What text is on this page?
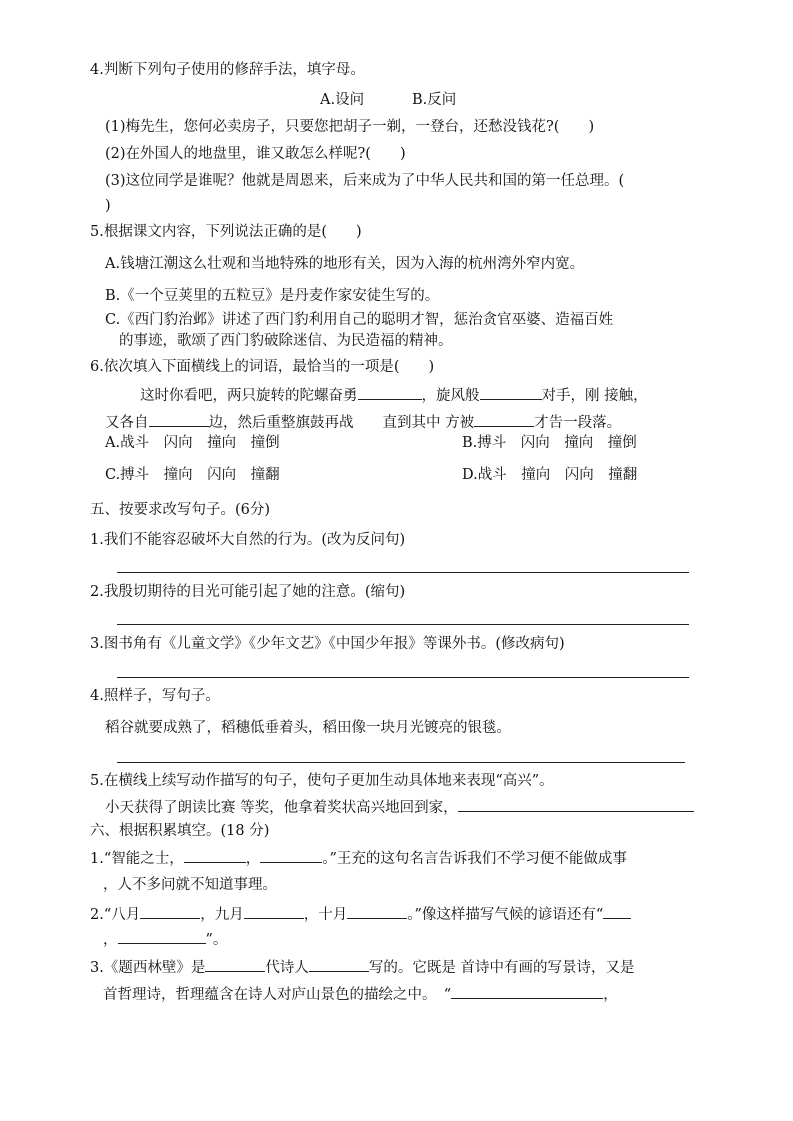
4.判断下列句子使用的修辞手法，填字母。
A.设问	B.反问
(1)梅先生，您何必卖房子，只要您把胡子一剃，一登台，还愁没钱花?(　　)
(2)在外国人的地盘里，谁又敢怎么样呢?(　　)
(3)这位同学是谁呢？他就是周恩来，后来成为了中华人民共和国的第一任总理。(
)
5.根据课文内容，下列说法正确的是(　　)
A.钱塘江潮这么壮观和当地特殊的地形有关，因为入海的杭州湾外窄内宽。
B.《一个豆荚里的五粒豆》是丹麦作家安徒生写的。
C.《西门豹治邺》讲述了西门豹利用自己的聪明才智，惩治贪官巫婆、造福百姓
的事迹，歌颂了西门豹破除迷信、为民造福的精神。
6.依次填入下面横线上的词语，最恰当的一项是(　　)
这时你看吧，两只旋转的陀螺奋勇	，旋风般	对手，刚 接触，
又各自	边，然后重整旗鼓再战　　直到其中 方被	才告一段落。
A.战斗　闪向　撞向　撞倒	B.搏斗　闪向　撞向　撞倒
C.搏斗　撞向　闪向　撞翻	D.战斗　撞向　闪向　撞翻
五、按要求改写句子。(6分)
1.我们不能容忍破坏大自然的行为。(改为反问句)
2.我殷切期待的目光可能引起了她的注意。(缩句)
3.图书角有《儿童文学》《少年文艺》《中国少年报》等课外书。(修改病句)
4.照样子，写句子。
稻谷就要成熟了，稻穗低垂着头，稻田像一块月光镀亮的银毯。
5.在横线上续写动作描写的句子，使句子更加生动具体地来表现“高兴”。
小天获得了朗读比赛 等奖，他拿着奖状高兴地回到家，
六、根据积累填空。(18 分)
1.“智能之士，	，	。”王充的这句名言告诉我们不学习便不能做成事
，人不多问就不知道事理。
2.“八月	，九月	，十月	。”像这样描写气候的谚语还有“
，	”。
3.《题西林壁》是	代诗人	写的。它既是 首诗中有画的写景诗，又是
首哲理诗，哲理蕴含在诗人对庐山景色的描绘之中。　“	，
